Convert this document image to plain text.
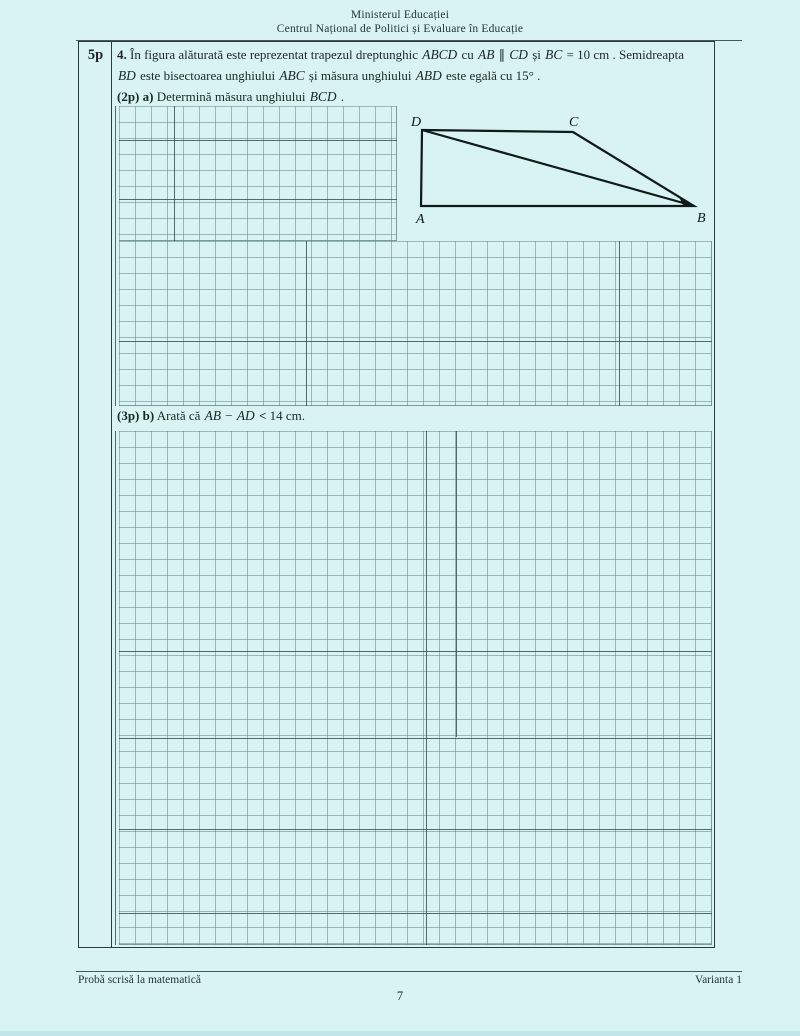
Ministerul Educației
Centrul Național de Politici și Evaluare în Educație
5p	4. În figura alăturată este reprezentat trapezul dreptunghic ABCD cu AB ∥ CD și BC = 10 cm . Semidreapta
BD este bisectoarea unghiului ABC și măsura unghiului ABD este egală cu 15° .
(2p) a) Determină măsura unghiului BCD .
D	C
A	B
(3p) b) Arată că AB − AD < 14 cm.
Probă scrisă la matematică	Varianta 1
7
